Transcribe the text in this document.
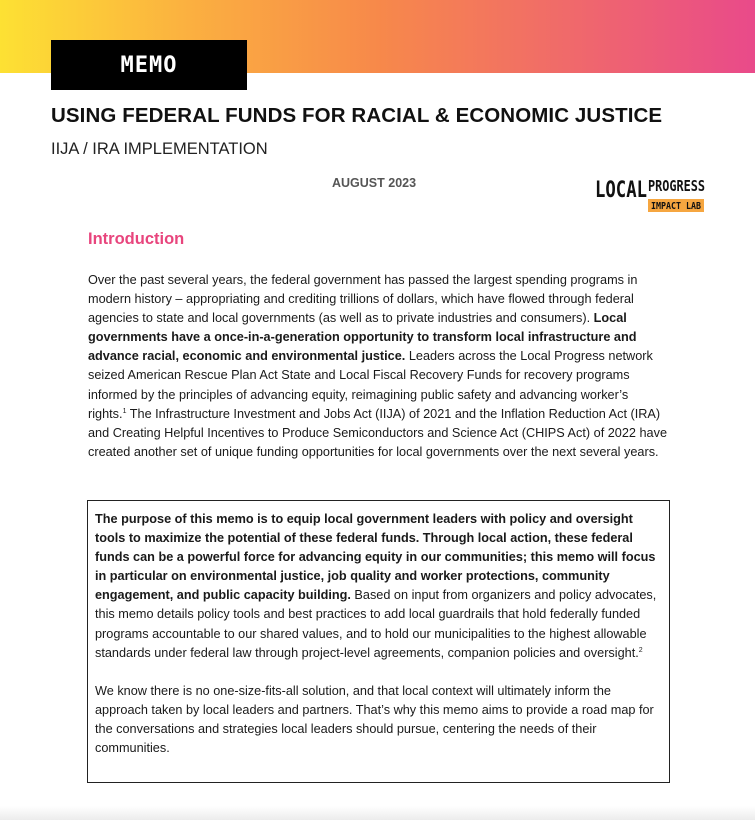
MEMO
USING FEDERAL FUNDS FOR RACIAL & ECONOMIC JUSTICE
IIJA / IRA IMPLEMENTATION
AUGUST 2023	LOCAL PROGRESS
IMPACT LAB
Introduction

Over the past several years, the federal government has passed the largest spending programs in modern history – appropriating and crediting trillions of dollars, which have flowed through federal agencies to state and local governments (as well as to private industries and consumers). Local governments have a once-in-a-generation opportunity to transform local infrastructure and advance racial, economic and environmental justice. Leaders across the Local Progress network seized American Rescue Plan Act State and Local Fiscal Recovery Funds for recovery programs informed by the principles of advancing equity, reimagining public safety and advancing worker’s rights.$^1$ The Infrastructure Investment and Jobs Act (IIJA) of 2021 and the Inflation Reduction Act (IRA) and Creating Helpful Incentives to Produce Semiconductors and Science Act (CHIPS Act) of 2022 have created another set of unique funding opportunities for local governments over the next several years.

The purpose of this memo is to equip local government leaders with policy and oversight tools to maximize the potential of these federal funds. Through local action, these federal funds can be a powerful force for advancing equity in our communities; this memo will focus in particular on environmental justice, job quality and worker protections, community engagement, and public capacity building. Based on input from organizers and policy advocates, this memo details policy tools and best practices to add local guardrails that hold federally funded programs accountable to our shared values, and to hold our municipalities to the highest allowable standards under federal law through project-level agreements, companion policies and oversight.$^2$

We know there is no one-size-fits-all solution, and that local context will ultimately inform the approach taken by local leaders and partners. That’s why this memo aims to provide a road map for the conversations and strategies local leaders should pursue, centering the needs of their communities.
